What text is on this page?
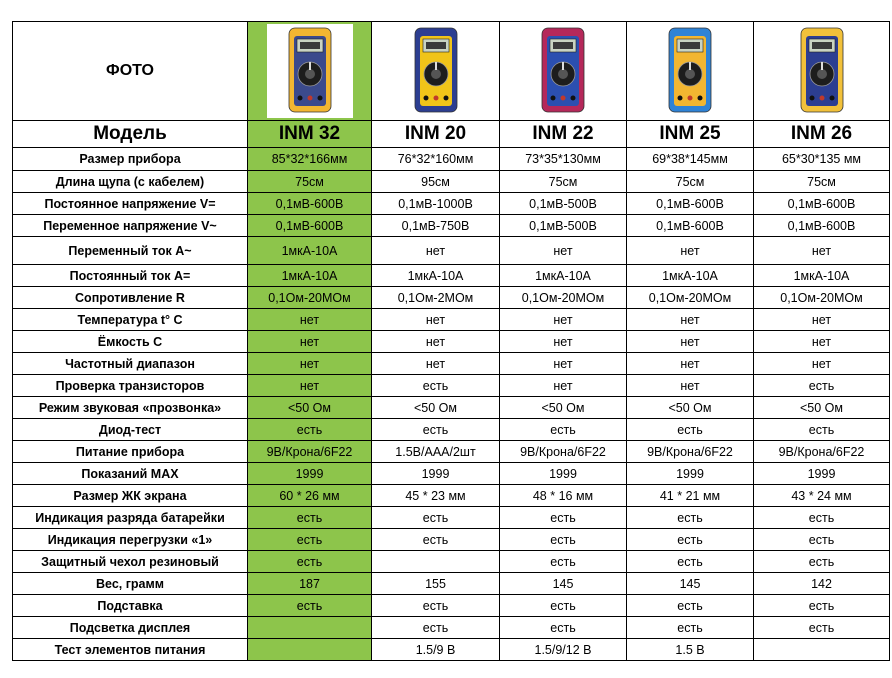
ФОТО	

Модель	INM 32	INM 20	INM 22	INM 25	INM 26
Размер прибора	85*32*166мм	76*32*160мм	73*35*130мм	69*38*145мм	65*30*135 мм
Длина щупа (с кабелем)	75см	95см	75см	75см	75см
Постоянное напряжение V=	0,1мВ-600В	0,1мВ-1000В	0,1мВ-500В	0,1мВ-600В	0,1мВ-600В
Переменное напряжение V~	0,1мВ-600В	0,1мВ-750В	0,1мВ-500В	0,1мВ-600В	0,1мВ-600В
Переменный ток А~	1мкА-10А	нет	нет	нет	нет
Постоянный ток А=	1мкА-10А	1мкА-10А	1мкА-10А	1мкА-10А	1мкА-10А
Сопротивление R	0,1Ом-20МОм	0,1Ом-2МОм	0,1Ом-20МОм	0,1Ом-20МОм	0,1Ом-20МОм
Температура t° C	нет	нет	нет	нет	нет
Ёмкость С	нет	нет	нет	нет	нет
Частотный диапазон	нет	нет	нет	нет	нет
Проверка транзисторов	нет	есть	нет	нет	есть
Режим звуковая «прозвонка»	<50 Ом	<50 Ом	<50 Ом	<50 Ом	<50 Ом
Диод-тест	есть	есть	есть	есть	есть
Питание прибора	9В/Крона/6F22	1.5В/AAA/2шт	9В/Крона/6F22	9В/Крона/6F22	9В/Крона/6F22
Показаний MAX	1999	1999	1999	1999	1999
Размер ЖК экрана	60 * 26 мм	45 * 23 мм	48 * 16 мм	41 * 21 мм	43 * 24 мм
Индикация разряда батарейки	есть	есть	есть	есть	есть
Индикация перегрузки «1»	есть	есть	есть	есть	есть
Защитный чехол резиновый	есть		есть	есть	есть
Вес, грамм	187	155	145	145	142
Подставка	есть	есть	есть	есть	есть
Подсветка дисплея		есть	есть	есть	есть
Тест элементов питания		1.5/9 В	1.5/9/12 В	1.5 В	
